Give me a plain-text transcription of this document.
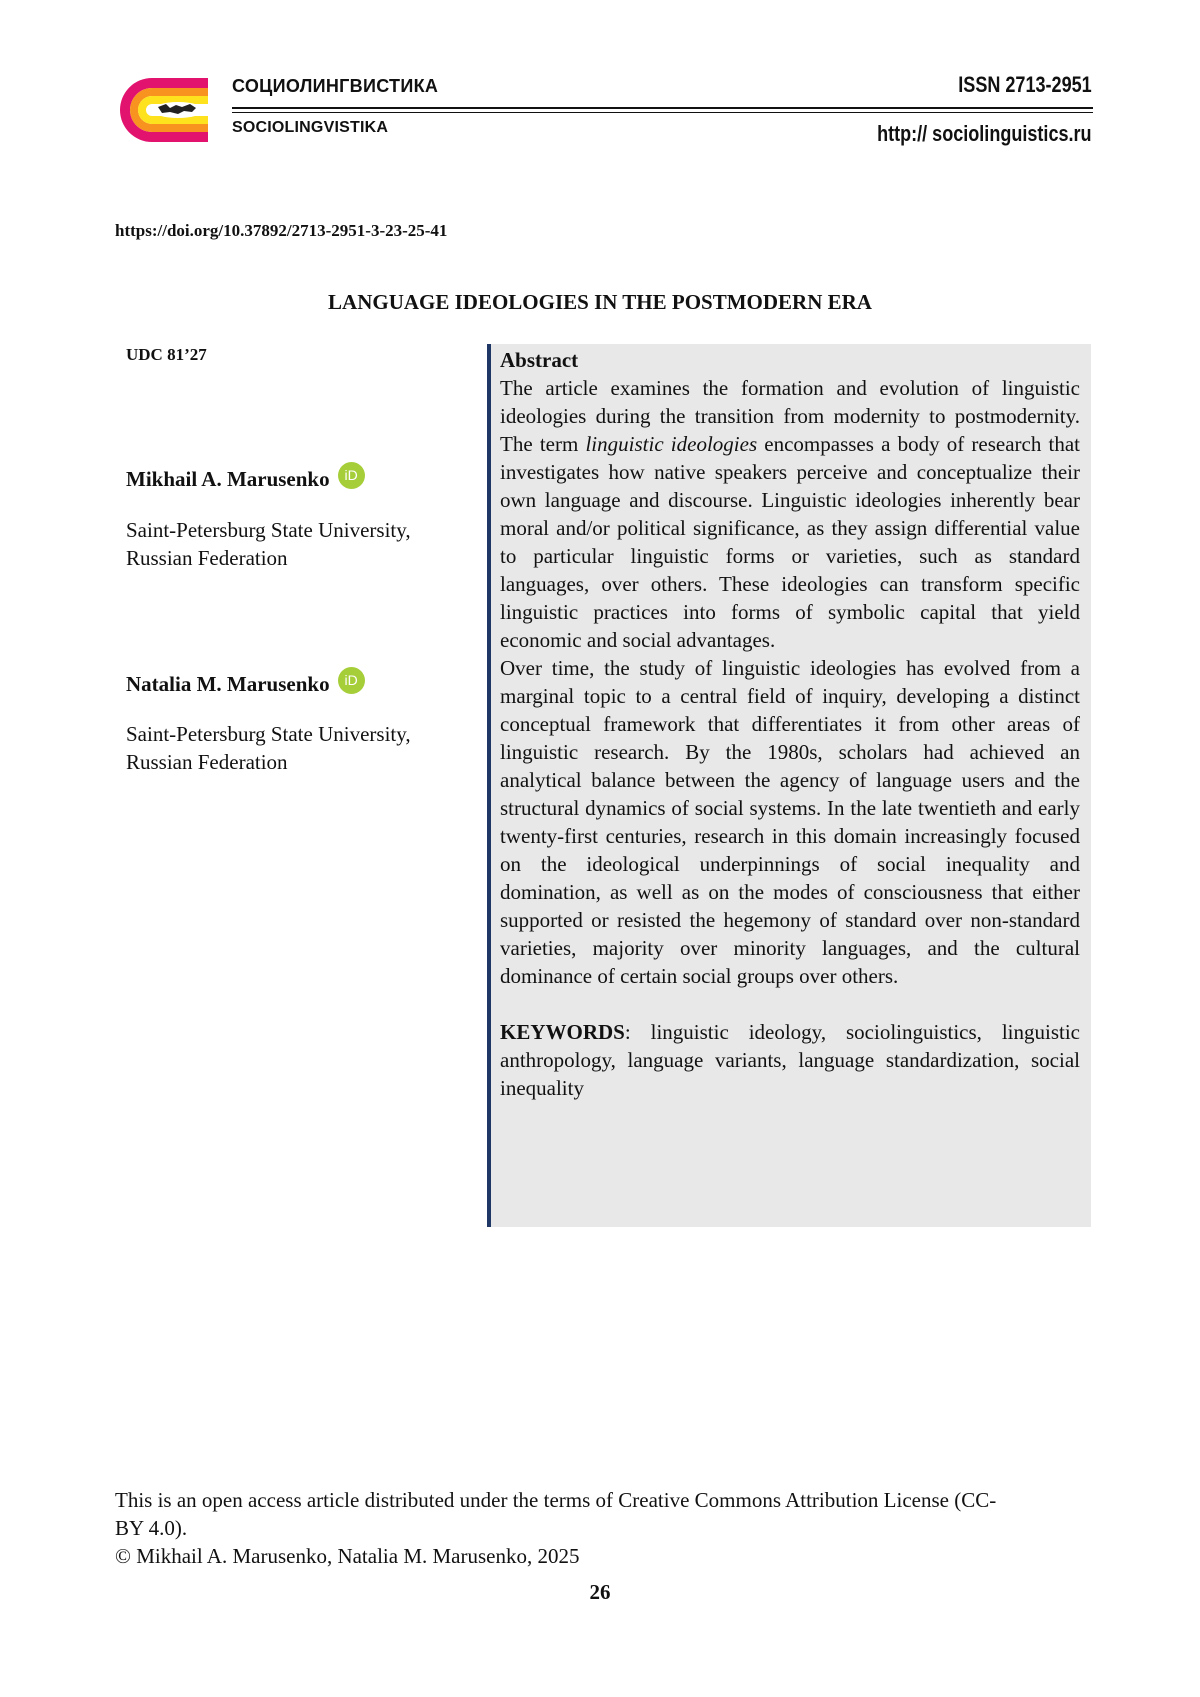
СОЦИОЛИНГВИСТИКА
SOCIOLINGVISTIKA
ISSN 2713-2951
http:// sociolinguistics.ru
https://doi.org/10.37892/2713-2951-3-23-25-41
LANGUAGE IDEOLOGIES IN THE POSTMODERN ERA
UDC 81’27
Mikhail A. Marusenko iD
Saint-Petersburg State University,
Russian Federation
Natalia M. Marusenko iD
Saint-Petersburg State University,
Russian Federation
Abstract

The article examines the formation and evolution of linguistic ideologies during the transition from modernity to postmodernity. The term linguistic ideologies encompasses a body of research that investigates how native speakers perceive and conceptualize their own language and discourse. Linguistic ideologies inherently bear moral and/or political significance, as they assign differential value to particular linguistic forms or varieties, such as standard languages, over others. These ideologies can transform specific linguistic practices into forms of symbolic capital that yield economic and social advantages.

Over time, the study of linguistic ideologies has evolved from a marginal topic to a central field of inquiry, developing a distinct conceptual framework that differentiates it from other areas of linguistic research. By the 1980s, scholars had achieved an analytical balance between the agency of language users and the structural dynamics of social systems. In the late twentieth and early twenty-first centuries, research in this domain increasingly focused on the ideological underpinnings of social inequality and domination, as well as on the modes of consciousness that either supported or resisted the hegemony of standard over non-standard varieties, majority over minority languages, and the cultural dominance of certain social groups over others.

KEYWORDS: linguistic ideology, sociolinguistics, linguistic anthropology, language variants, language standardization, social inequality

This is an open access article distributed under the terms of Creative Commons Attribution License (CC-BY 4.0).
© Mikhail A. Marusenko, Natalia M. Marusenko, 2025
26
